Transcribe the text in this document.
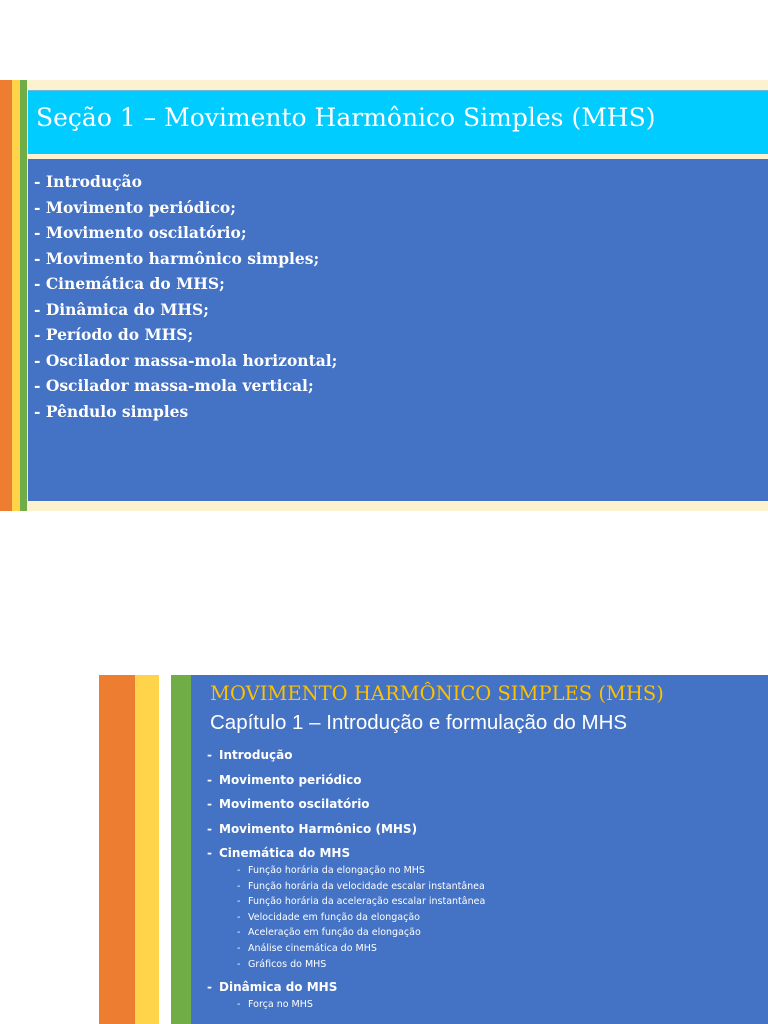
Seção 1 – Movimento Harmônico Simples (MHS)
- Introdução
- Movimento periódico;
- Movimento oscilatório;
- Movimento harmônico simples;
- Cinemática do MHS;
- Dinâmica do MHS;
- Período do MHS;
- Oscilador massa-mola horizontal;
- Oscilador massa-mola vertical;
- Pêndulo simples
MOVIMENTO HARMÔNICO SIMPLES (MHS)
Capítulo 1 – Introdução e formulação do MHS
- Introdução
- Movimento periódico
- Movimento oscilatório
- Movimento Harmônico (MHS)
- Cinemática do MHS
- Função horária da elongação no MHS
- Função horária da velocidade escalar instantânea
- Função horária da aceleração escalar instantânea
- Velocidade em função da elongação
- Aceleração em função da elongação
- Análise cinemática do MHS
- Gráficos do MHS
- Dinâmica do MHS
- Força no MHS
